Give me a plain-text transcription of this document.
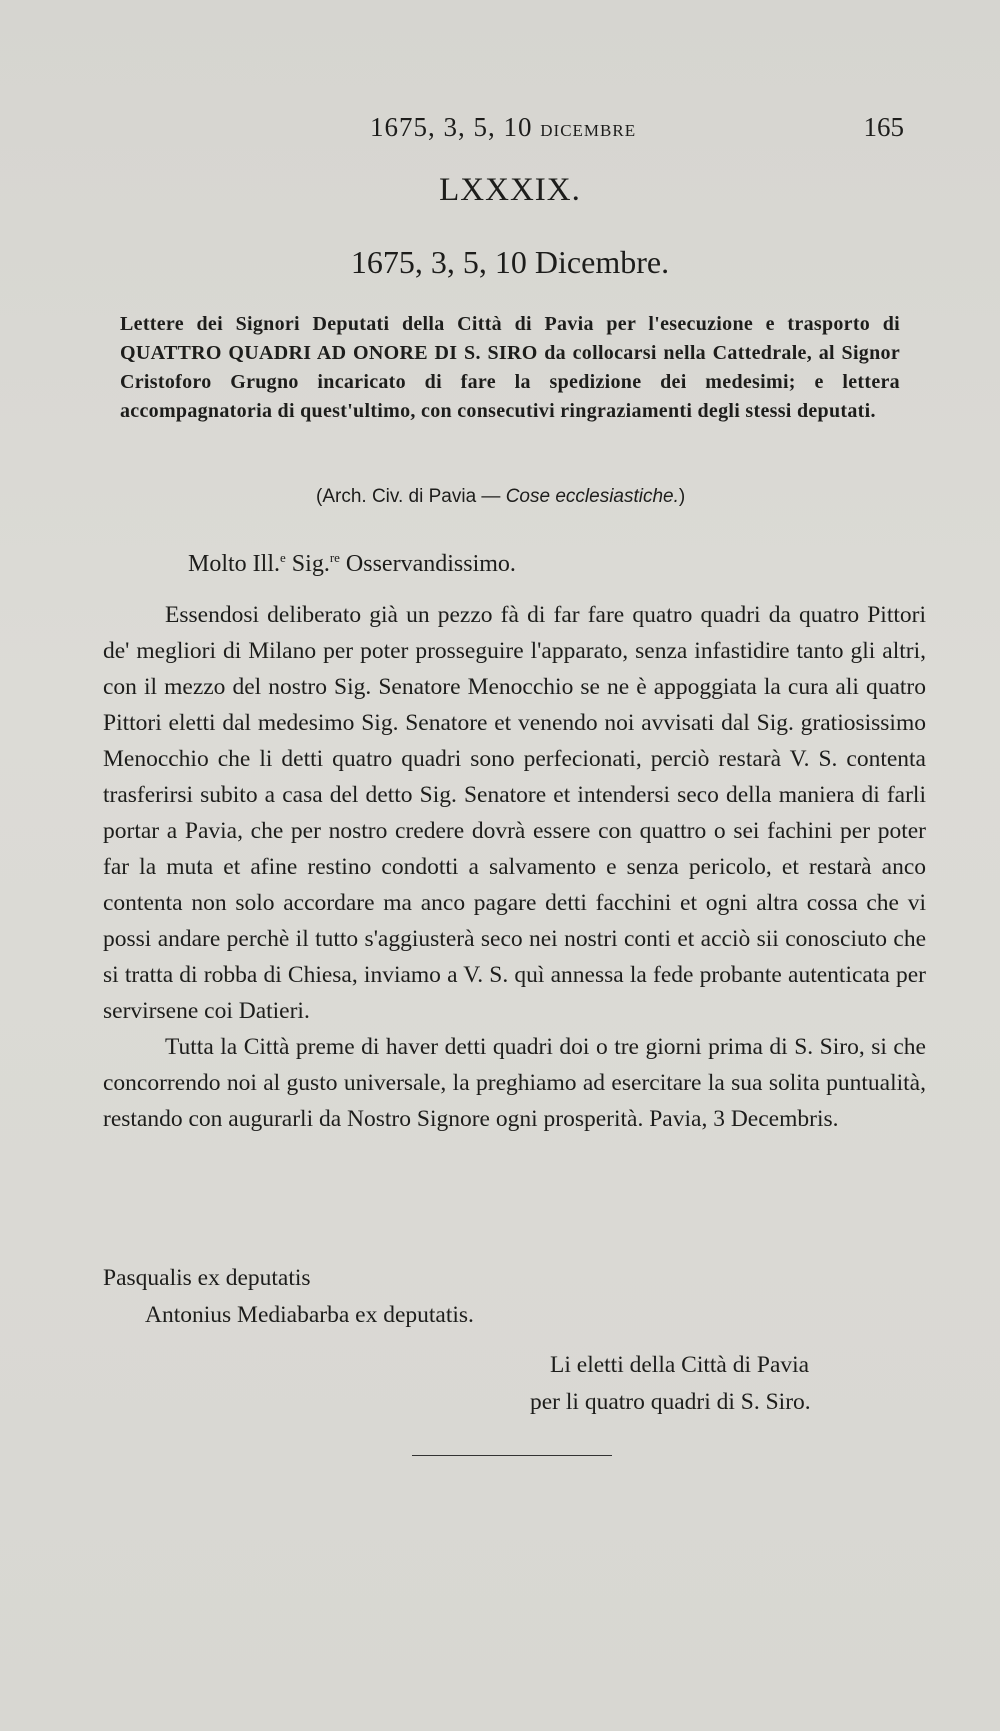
1675, 3, 5, 10 DICEMBRE	165
LXXXIX.
1675, 3, 5, 10 Dicembre.
Lettere dei Signori Deputati della Città di Pavia per l'esecuzione e trasporto di QUATTRO QUADRI AD ONORE DI S. SIRO da collocarsi nella Cattedrale, al Signor Cristoforo Grugno incaricato di fare la spedizione dei medesimi; e lettera accompagnatoria di quest'ultimo, con consecutivi ringraziamenti degli stessi deputati.
(Arch. Civ. di Pavia — Cose ecclesiastiche.)
Molto Ill.$^e$ Sig.$^{re}$ Osservandissimo.

Essendosi deliberato già un pezzo fà di far fare quatro quadri da quatro Pittori de' megliori di Milano per poter prosseguire l'apparato, senza infastidire tanto gli altri, con il mezzo del nostro Sig. Senatore Menocchio se ne è appoggiata la cura ali quatro Pittori eletti dal medesimo Sig. Senatore et venendo noi avvisati dal Sig. gratiosissimo Menocchio che li detti quatro quadri sono perfecionati, perciò restarà V. S. contenta trasferirsi subito a casa del detto Sig. Senatore et intendersi seco della maniera di farli portar a Pavia, che per nostro credere dovrà essere con quattro o sei fachini per poter far la muta et afine restino condotti a salvamento e senza pericolo, et restarà anco contenta non solo accordare ma anco pagare detti facchini et ogni altra cossa che vi possi andare perchè il tutto s'aggiusterà seco nei nostri conti et acciò sii conosciuto che si tratta di robba di Chiesa, inviamo a V. S. quì annessa la fede probante autenticata per servirsene coi Datieri.

Tutta la Città preme di haver detti quadri doi o tre giorni prima di S. Siro, si che concorrendo noi al gusto universale, la preghiamo ad esercitare la sua solita puntualità, restando con augurarli da Nostro Signore ogni prosperità. Pavia, 3 Decembris.

Pasqualis ex deputatis
Antonius Mediabarba ex deputatis.
Li eletti della Città di Pavia
per li quatro quadri di S. Siro.
